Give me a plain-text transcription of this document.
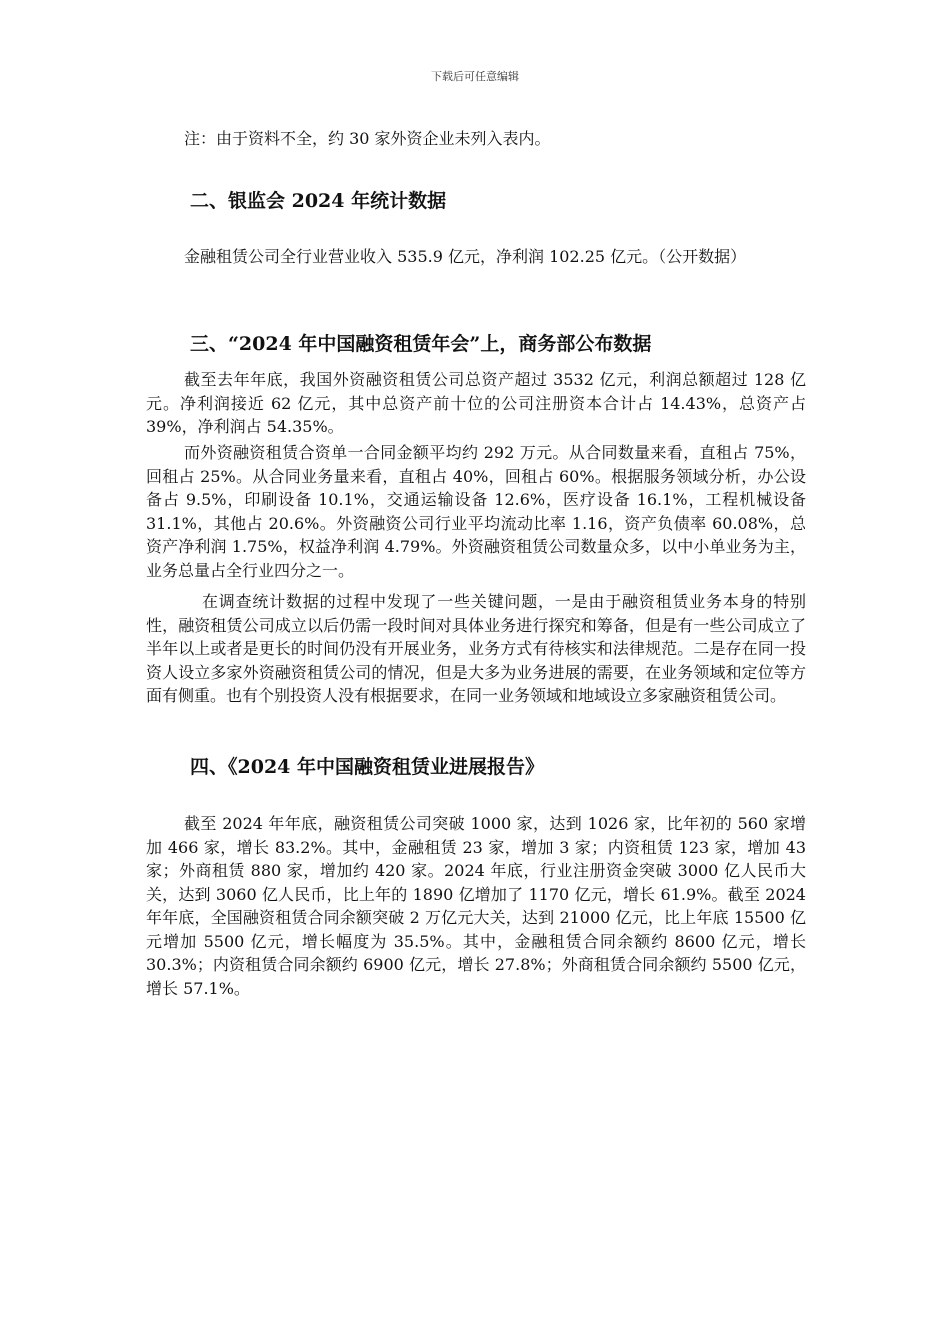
下载后可任意编辑

注：由于资料不全，约 30 家外资企业未列入表内。

二、银监会 2024 年统计数据

金融租赁公司全行业营业收入 535.9 亿元，净利润 102.25 亿元。（公开数据）

三、“2024 年中国融资租赁年会”上，商务部公布数据

截至去年年底，我国外资融资租赁公司总资产超过 3532 亿元，利润总额超过 128 亿元。净利润接近 62 亿元，其中总资产前十位的公司注册资本合计占 14.43%，总资产占 39%，净利润占 54.35%。

而外资融资租赁合资单一合同金额平均约 292 万元。从合同数量来看，直租占 75%，回租占 25%。从合同业务量来看，直租占 40%，回租占 60%。根据服务领域分析，办公设备占 9.5%，印刷设备 10.1%，交通运输设备 12.6%，医疗设备 16.1%，工程机械设备 31.1%，其他占 20.6%。外资融资公司行业平均流动比率 1.16，资产负债率 60.08%，总资产净利润 1.75%，权益净利润 4.79%。外资融资租赁公司数量众多，以中小单业务为主，业务总量占全行业四分之一。

在调查统计数据的过程中发现了一些关键问题，一是由于融资租赁业务本身的特别性，融资租赁公司成立以后仍需一段时间对具体业务进行探究和筹备，但是有一些公司成立了半年以上或者是更长的时间仍没有开展业务，业务方式有待核实和法律规范。二是存在同一投资人设立多家外资融资租赁公司的情况，但是大多为业务进展的需要，在业务领域和定位等方面有侧重。也有个别投资人没有根据要求，在同一业务领域和地域设立多家融资租赁公司。

四、《2024 年中国融资租赁业进展报告》

截至 2024 年年底，融资租赁公司突破 1000 家，达到 1026 家，比年初的 560 家增加 466 家，增长 83.2%。其中，金融租赁 23 家，增加 3 家；内资租赁 123 家，增加 43 家；外商租赁 880 家，增加约 420 家。2024 年底，行业注册资金突破 3000 亿人民币大关，达到 3060 亿人民币，比上年的 1890 亿增加了 1170 亿元，增长 61.9%。截至 2024 年年底，全国融资租赁合同余额突破 2 万亿元大关，达到 21000 亿元，比上年底 15500 亿元增加 5500 亿元，增长幅度为 35.5%。其中，金融租赁合同余额约 8600 亿元，增长 30.3%；内资租赁合同余额约 6900 亿元，增长 27.8%；外商租赁合同余额约 5500 亿元，增长 57.1%。
